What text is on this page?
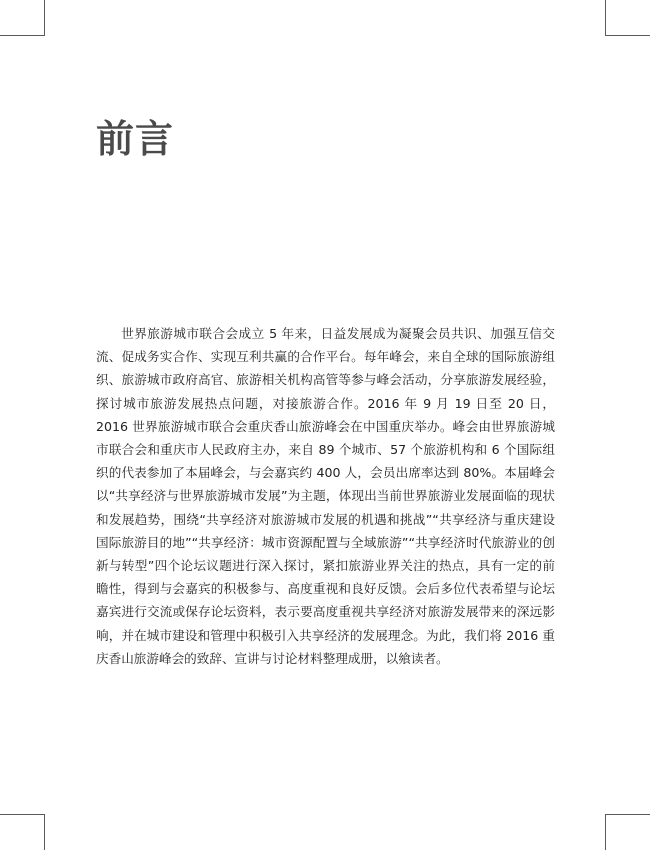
前言

世界旅游城市联合会成立 5 年来，日益发展成为凝聚会员共识、加强互信交流、促成务实合作、实现互利共赢的合作平台。每年峰会，来自全球的国际旅游组织、旅游城市政府高官、旅游相关机构高管等参与峰会活动，分享旅游发展经验，探讨城市旅游发展热点问题，对接旅游合作。2016 年 9 月 19 日至 20 日，2016 世界旅游城市联合会重庆香山旅游峰会在中国重庆举办。峰会由世界旅游城市联合会和重庆市人民政府主办，来自 89 个城市、57 个旅游机构和 6 个国际组织的代表参加了本届峰会，与会嘉宾约 400 人，会员出席率达到 80%。本届峰会以“共享经济与世界旅游城市发展”为主题，体现出当前世界旅游业发展面临的现状和发展趋势，围绕“共享经济对旅游城市发展的机遇和挑战”“共享经济与重庆建设国际旅游目的地”“共享经济：城市资源配置与全域旅游”“共享经济时代旅游业的创新与转型”四个论坛议题进行深入探讨，紧扣旅游业界关注的热点，具有一定的前瞻性，得到与会嘉宾的积极参与、高度重视和良好反馈。会后多位代表希望与论坛嘉宾进行交流或保存论坛资料，表示要高度重视共享经济对旅游发展带来的深远影响，并在城市建设和管理中积极引入共享经济的发展理念。为此，我们将 2016 重庆香山旅游峰会的致辞、宣讲与讨论材料整理成册，以飨读者。
